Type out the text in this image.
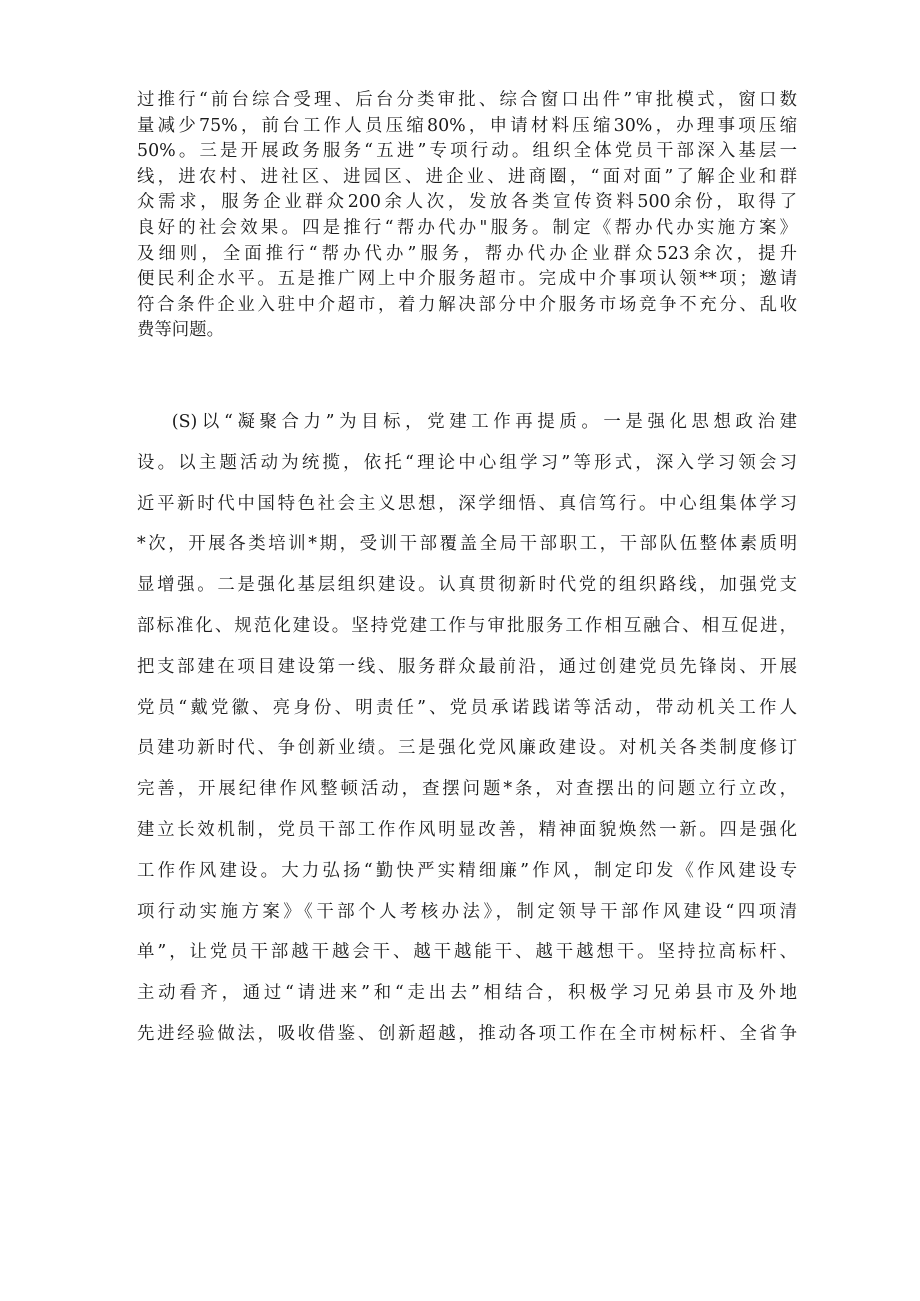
过推行“前台综合受理、后台分类审批、综合窗口出件”审批模式，窗口数
量减少75%，前台工作人员压缩80%，申请材料压缩30%，办理事项压缩
50%。三是开展政务服务“五进”专项行动。组织全体党员干部深入基层一
线，进农村、进社区、进园区、进企业、进商圈，“面对面”了解企业和群
众需求，服务企业群众200余人次，发放各类宣传资料500余份，取得了
良好的社会效果。四是推行“帮办代办"服务。制定《帮办代办实施方案》
及细则，全面推行“帮办代办”服务，帮办代办企业群众523余次，提升
便民利企水平。五是推广网上中介服务超市。完成中介事项认领**项；邀请
符合条件企业入驻中介超市，着力解决部分中介服务市场竞争不充分、乱收
费等问题。
(S)以“凝聚合力”为目标，党建工作再提质。一是强化思想政治建
设。以主题活动为统揽，依托“理论中心组学习”等形式，深入学习领会习
近平新时代中国特色社会主义思想，深学细悟、真信笃行。中心组集体学习
*次，开展各类培训*期，受训干部覆盖全局干部职工，干部队伍整体素质明
显增强。二是强化基层组织建设。认真贯彻新时代党的组织路线，加强党支
部标准化、规范化建设。坚持党建工作与审批服务工作相互融合、相互促进，
把支部建在项目建设第一线、服务群众最前沿，通过创建党员先锋岗、开展
党员“戴党徽、亮身份、明责任”、党员承诺践诺等活动，带动机关工作人
员建功新时代、争创新业绩。三是强化党风廉政建设。对机关各类制度修订
完善，开展纪律作风整顿活动，查摆问题*条，对查摆出的问题立行立改，
建立长效机制，党员干部工作作风明显改善，精神面貌焕然一新。四是强化
工作作风建设。大力弘扬“勤快严实精细廉”作风，制定印发《作风建设专
项行动实施方案》《干部个人考核办法》，制定领导干部作风建设“四项清
单”，让党员干部越干越会干、越干越能干、越干越想干。坚持拉高标杆、
主动看齐，通过“请进来”和“走出去”相结合，积极学习兄弟县市及外地
先进经验做法，吸收借鉴、创新超越，推动各项工作在全市树标杆、全省争
